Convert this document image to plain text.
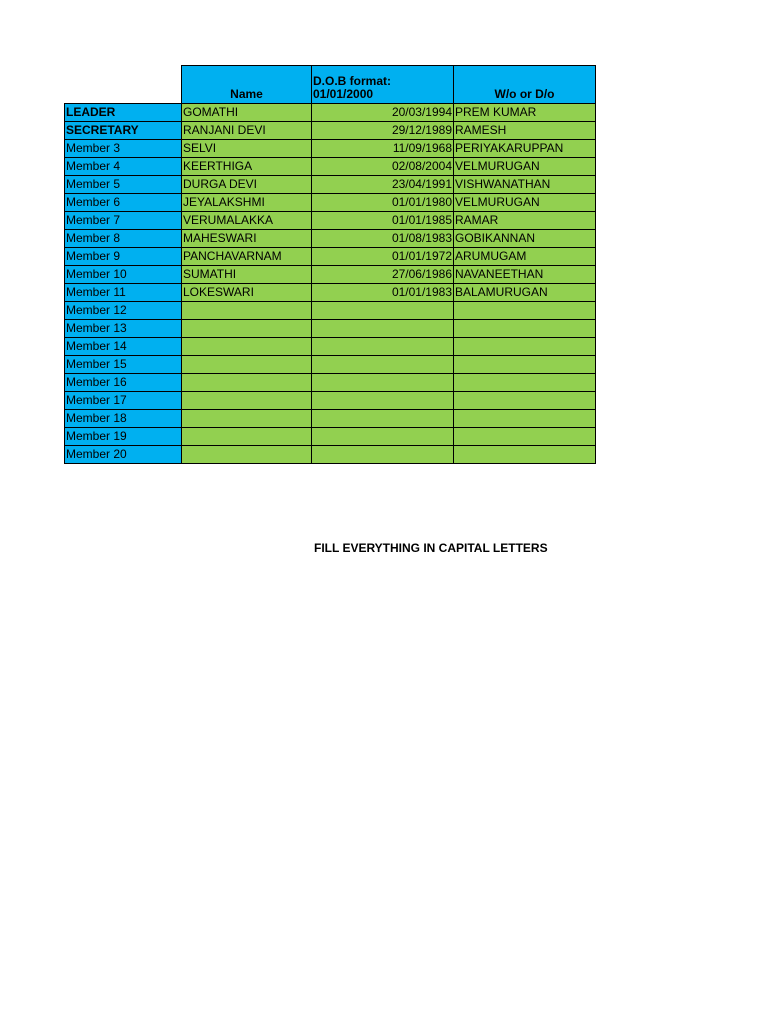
	Name	D.O.B format: 01/01/2000	W/o or D/o
LEADER	GOMATHI	20/03/1994	PREM KUMAR
SECRETARY	RANJANI DEVI	29/12/1989	RAMESH
Member 3	SELVI	11/09/1968	PERIYAKARUPPAN
Member 4	KEERTHIGA	02/08/2004	VELMURUGAN
Member 5	DURGA DEVI	23/04/1991	VISHWANATHAN
Member 6	JEYALAKSHMI	01/01/1980	VELMURUGAN
Member 7	VERUMALAKKA	01/01/1985	RAMAR
Member 8	MAHESWARI	01/08/1983	GOBIKANNAN
Member 9	PANCHAVARNAM	01/01/1972	ARUMUGAM
Member 10	SUMATHI	27/06/1986	NAVANEETHAN
Member 11	LOKESWARI	01/01/1983	BALAMURUGAN
Member 12			
Member 13			
Member 14			
Member 15			
Member 16			
Member 17			
Member 18			
Member 19			
Member 20			
FILL EVERYTHING IN CAPITAL LETTERS
